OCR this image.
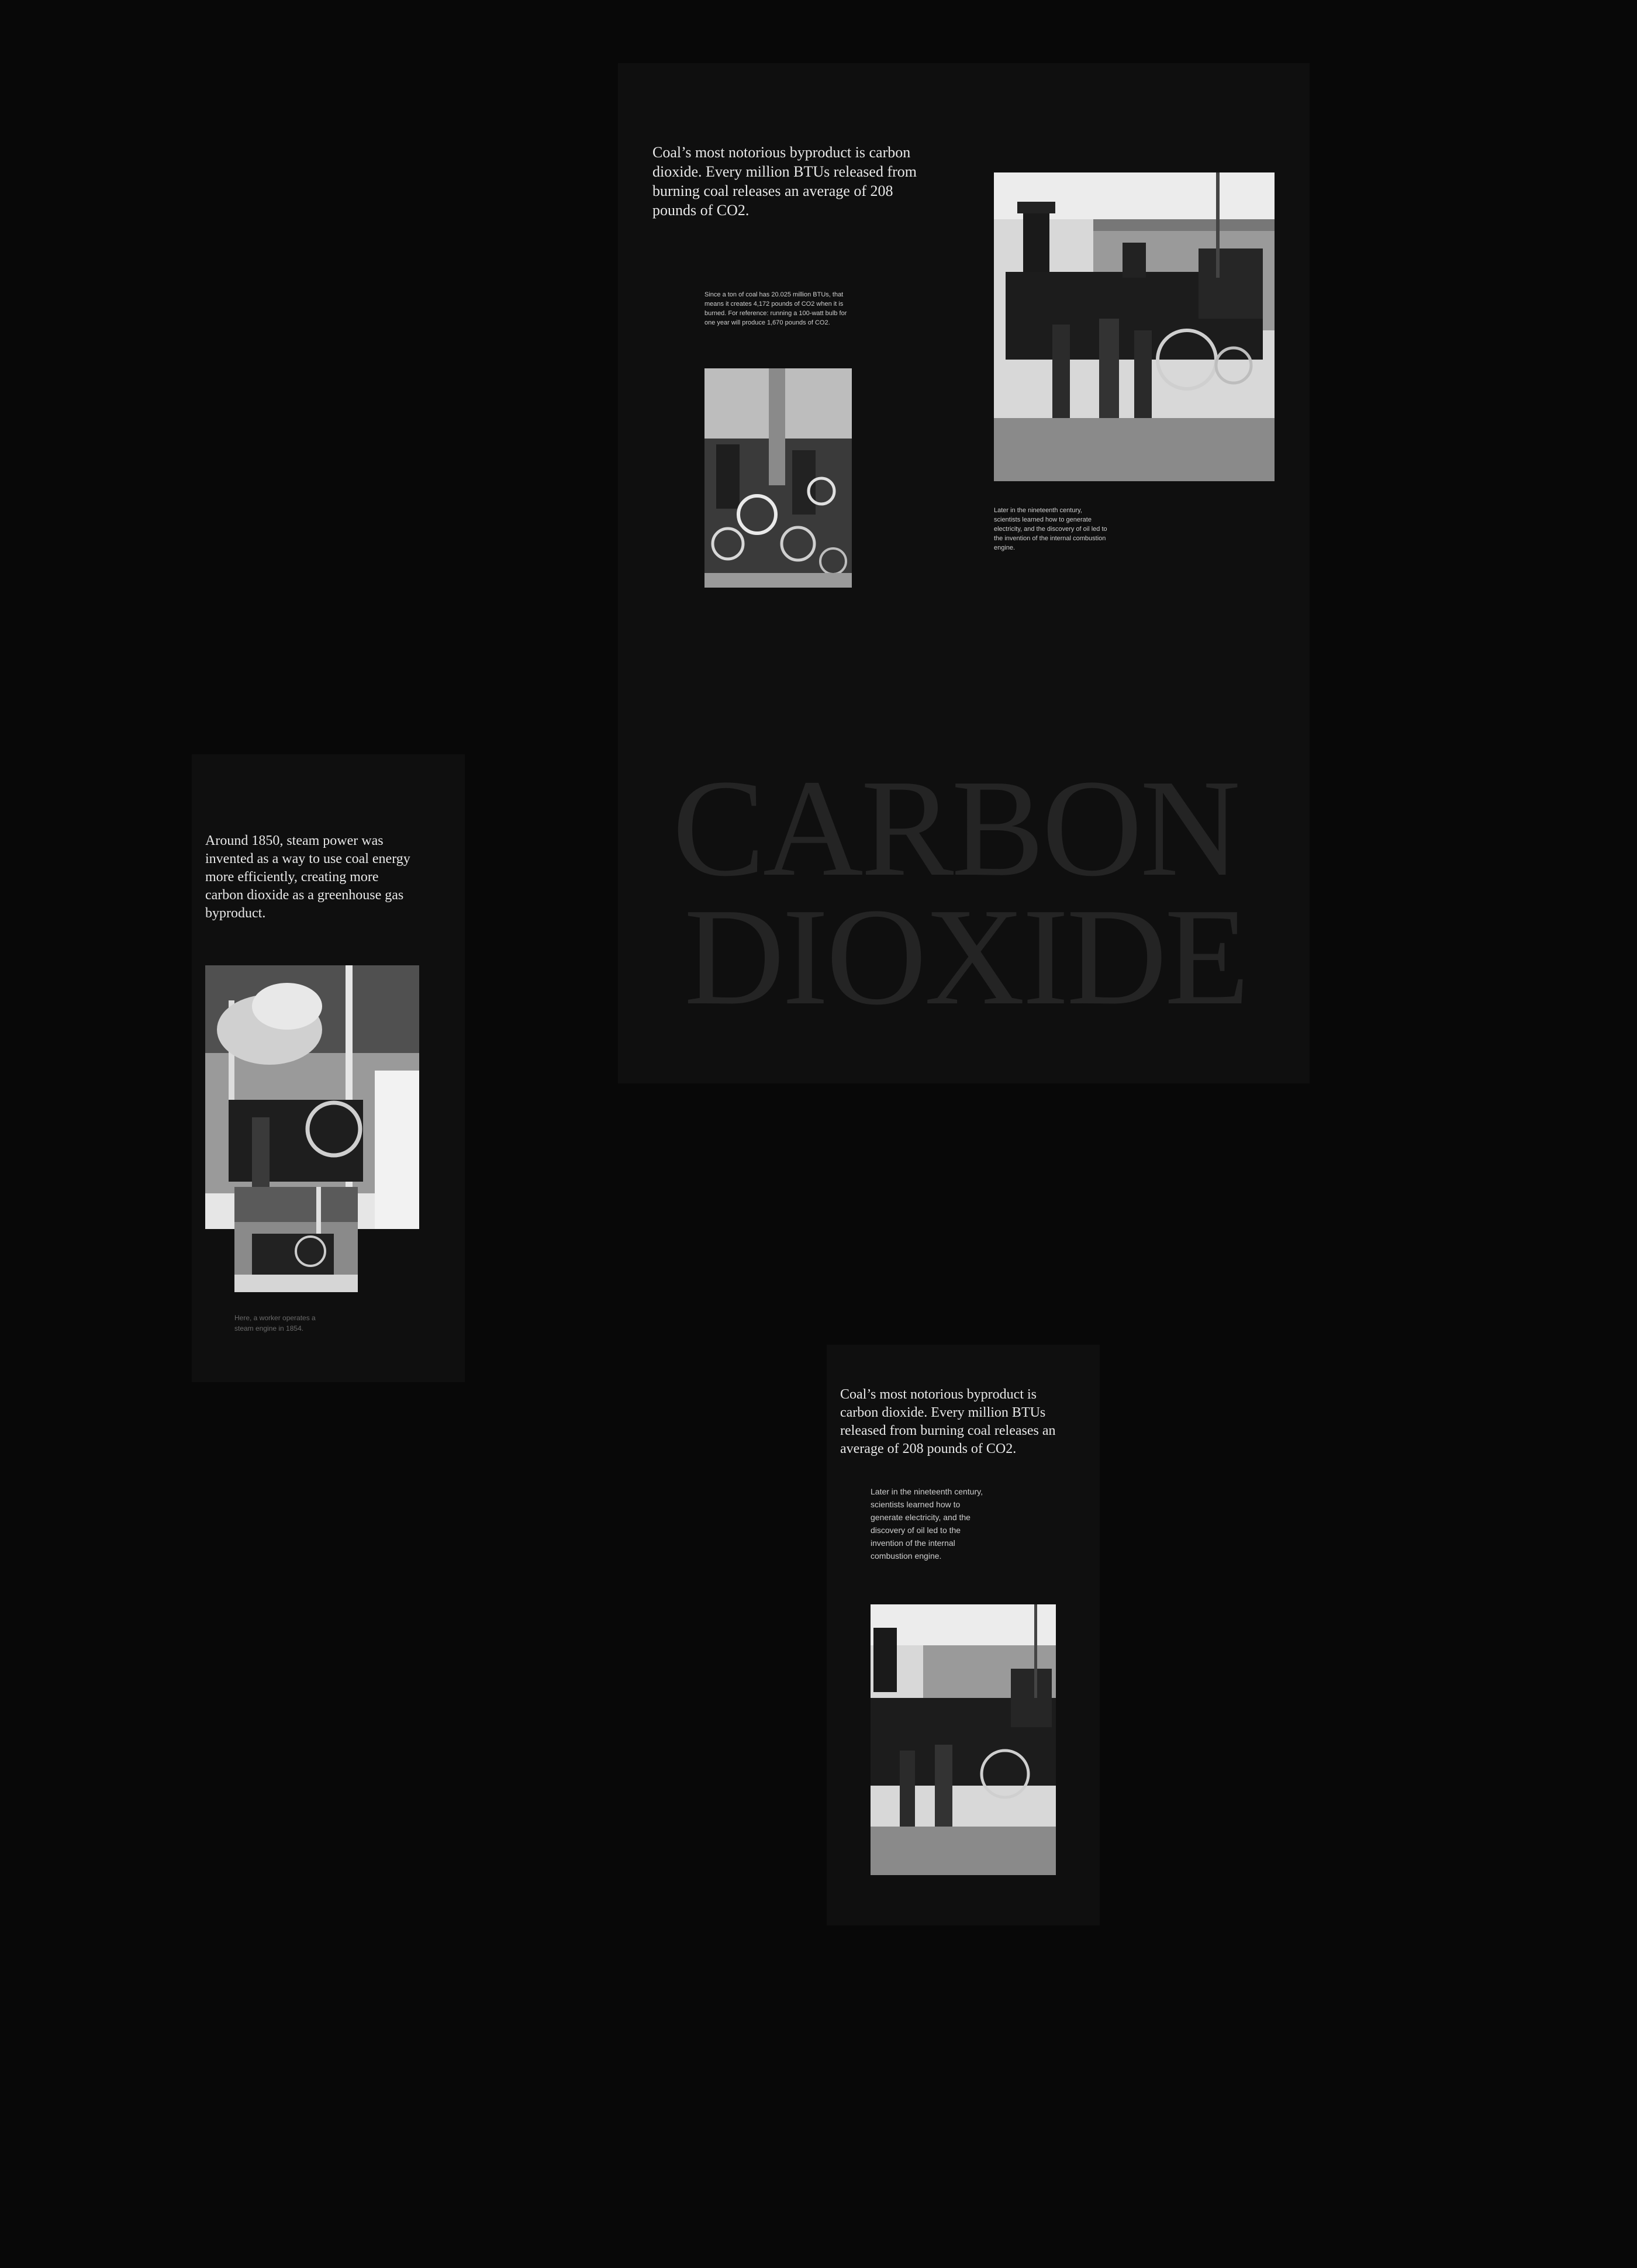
Coal’s most notorious byproduct is carbon dioxide. Every million BTUs released from burning coal releases an average of 208 pounds of CO2.
Since a ton of coal has 20.025 million BTUs, that means it creates 4,172 pounds of CO2 when it is burned. For reference: running a 100-watt bulb for one year will produce 1,670 pounds of CO2.
Later in the nineteenth century, scientists learned how to generate electricity, and the discovery of oil led to the invention of the internal combustion engine.
CARBON
DIOXIDE
Around 1850, steam power was invented as a way to use coal energy more efficiently, creating more carbon dioxide as a greenhouse gas byproduct.
Here, a worker operates a steam engine in 1854.
Coal’s most notorious byproduct is carbon dioxide. Every million BTUs released from burning coal releases an average of 208 pounds of CO2.
Later in the nineteenth century, scientists learned how to generate electricity, and the discovery of oil led to the invention of the internal combustion engine.
